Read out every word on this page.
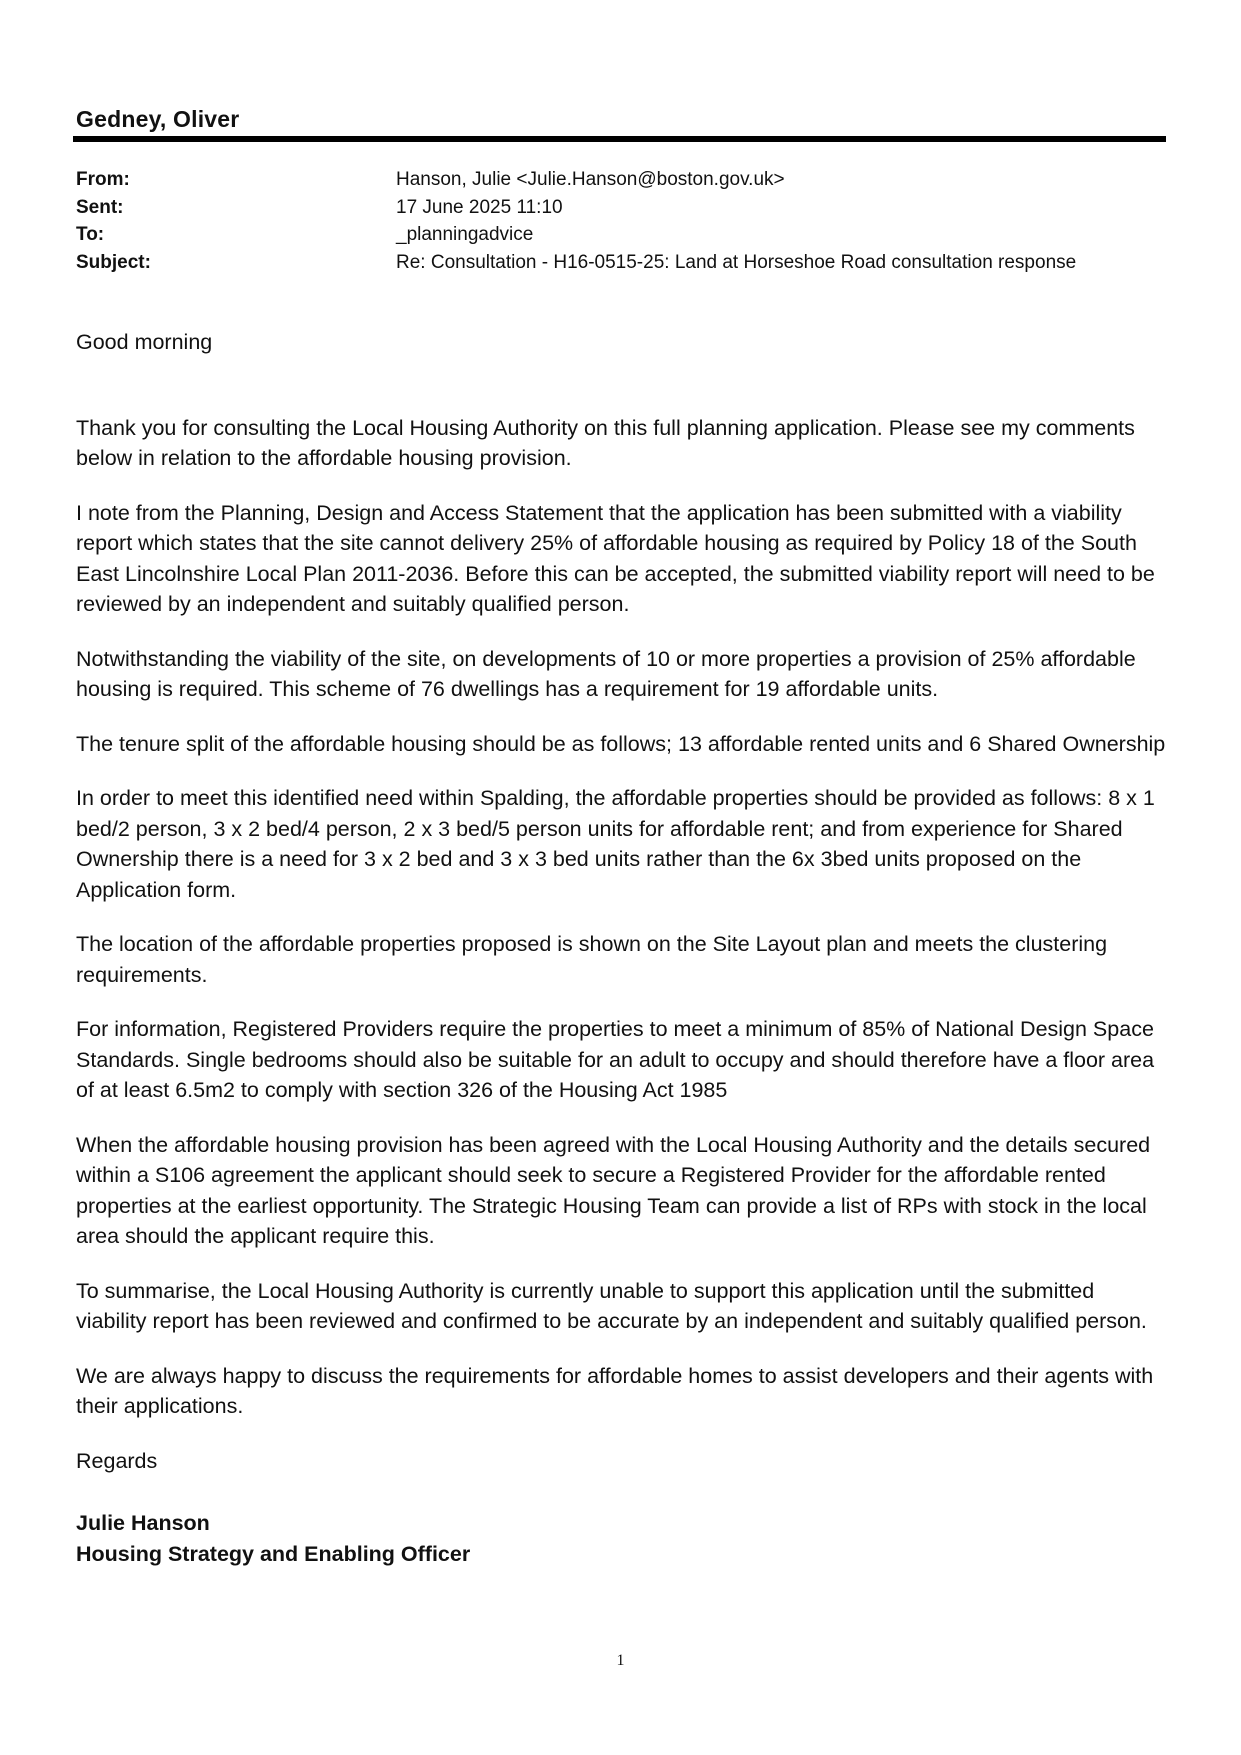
Gedney, Oliver
From:	Hanson, Julie <Julie.Hanson@boston.gov.uk>
Sent:	17 June 2025 11:10
To:	_planningadvice
Subject:	Re: Consultation - H16-0515-25: Land at Horseshoe Road consultation response

Good morning

Thank you for consulting the Local Housing Authority on this full planning application. Please see my comments below in relation to the affordable housing provision.

I note from the Planning, Design and Access Statement that the application has been submitted with a viability report which states that the site cannot delivery 25% of affordable housing as required by Policy 18 of the South East Lincolnshire Local Plan 2011-2036. Before this can be accepted, the submitted viability report will need to be reviewed by an independent and suitably qualified person.

Notwithstanding the viability of the site, on developments of 10 or more properties a provision of 25% affordable housing is required. This scheme of 76 dwellings has a requirement for 19 affordable units.

The tenure split of the affordable housing should be as follows; 13 affordable rented units and 6 Shared Ownership

In order to meet this identified need within Spalding, the affordable properties should be provided as follows: 8 x 1 bed/2 person, 3 x 2 bed/4 person, 2 x 3 bed/5 person units for affordable rent; and from experience for Shared Ownership there is a need for 3 x 2 bed and 3 x 3 bed units rather than the 6x 3bed units proposed on the Application form.

The location of the affordable properties proposed is shown on the Site Layout plan and meets the clustering requirements.

For information, Registered Providers require the properties to meet a minimum of 85% of National Design Space Standards. Single bedrooms should also be suitable for an adult to occupy and should therefore have a floor area of at least 6.5m2 to comply with section 326 of the Housing Act 1985

When the affordable housing provision has been agreed with the Local Housing Authority and the details secured within a S106 agreement the applicant should seek to secure a Registered Provider for the affordable rented properties at the earliest opportunity. The Strategic Housing Team can provide a list of RPs with stock in the local area should the applicant require this.

To summarise, the Local Housing Authority is currently unable to support this application until the submitted viability report has been reviewed and confirmed to be accurate by an independent and suitably qualified person.

We are always happy to discuss the requirements for affordable homes to assist developers and their agents with their applications.

Regards

Julie Hanson
Housing Strategy and Enabling Officer
1
